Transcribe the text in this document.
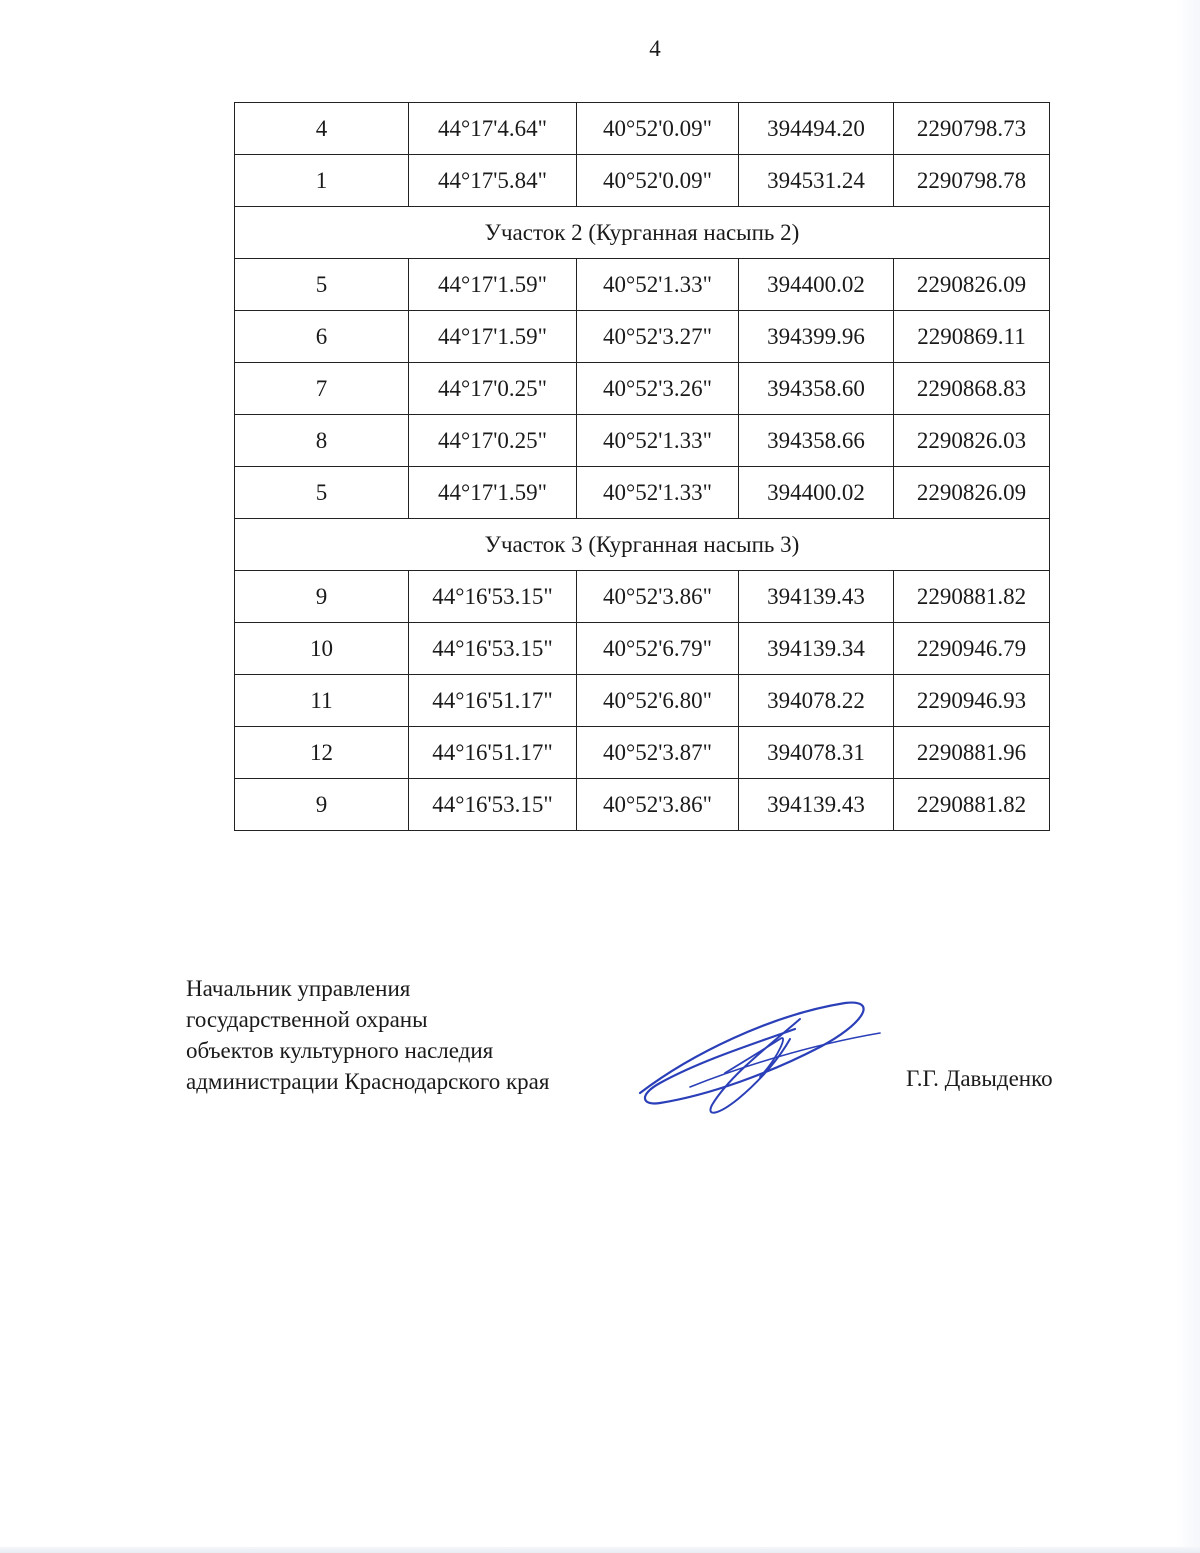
4
4	44°17'4.64"	40°52'0.09"	394494.20	2290798.73
1	44°17'5.84"	40°52'0.09"	394531.24	2290798.78
Участок 2 (Курганная насыпь 2)				
5	44°17'1.59"	40°52'1.33"	394400.02	2290826.09
6	44°17'1.59"	40°52'3.27"	394399.96	2290869.11
7	44°17'0.25"	40°52'3.26"	394358.60	2290868.83
8	44°17'0.25"	40°52'1.33"	394358.66	2290826.03
5	44°17'1.59"	40°52'1.33"	394400.02	2290826.09
Участок 3 (Курганная насыпь 3)				
9	44°16'53.15"	40°52'3.86"	394139.43	2290881.82
10	44°16'53.15"	40°52'6.79"	394139.34	2290946.79
11	44°16'51.17"	40°52'6.80"	394078.22	2290946.93
12	44°16'51.17"	40°52'3.87"	394078.31	2290881.96
9	44°16'53.15"	40°52'3.86"	394139.43	2290881.82
Начальник управления
государственной охраны
объектов культурного наследия
администрации Краснодарского края	Г.Г. Давыденко
